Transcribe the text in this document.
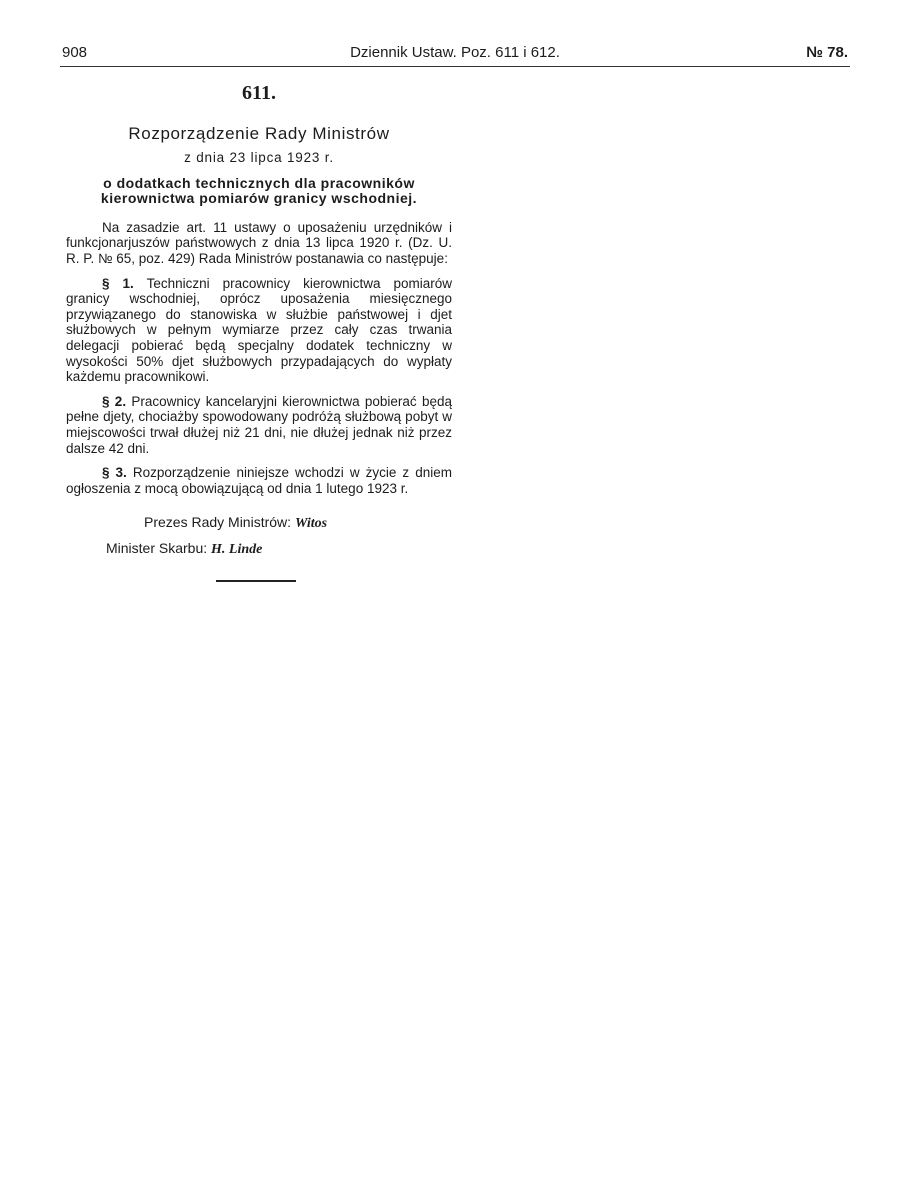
908	Dziennik Ustaw. Poz. 611 i 612.	№ 78.
611.
Rozporządzenie Rady Ministrów
z dnia 23 lipca 1923 r.
o dodatkach technicznych dla pracowników kierownictwa pomiarów granicy wschodniej.

Na zasadzie art. 11 ustawy o uposażeniu urzędników i funkcjonarjuszów państwowych z dnia 13 lipca 1920 r. (Dz. U. R. P. № 65, poz. 429) Rada Ministrów postanawia co następuje:

§ 1. Techniczni pracownicy kierownictwa pomiarów granicy wschodniej, oprócz uposażenia miesięcznego przywiązanego do stanowiska w służbie państwowej i djet służbowych w pełnym wymiarze przez cały czas trwania delegacji pobierać będą specjalny dodatek techniczny w wysokości 50% djet służbowych przypadających do wypłaty każdemu pracownikowi.

§ 2. Pracownicy kancelaryjni kierownictwa pobierać będą pełne djety, chociażby spowodowany podróżą służbową pobyt w miejscowości trwał dłużej niż 21 dni, nie dłużej jednak niż przez dalsze 42 dni.

§ 3. Rozporządzenie niniejsze wchodzi w życie z dniem ogłoszenia z mocą obowiązującą od dnia 1 lutego 1923 r.

Prezes Rady Ministrów: Witos
Minister Skarbu: H. Linde
